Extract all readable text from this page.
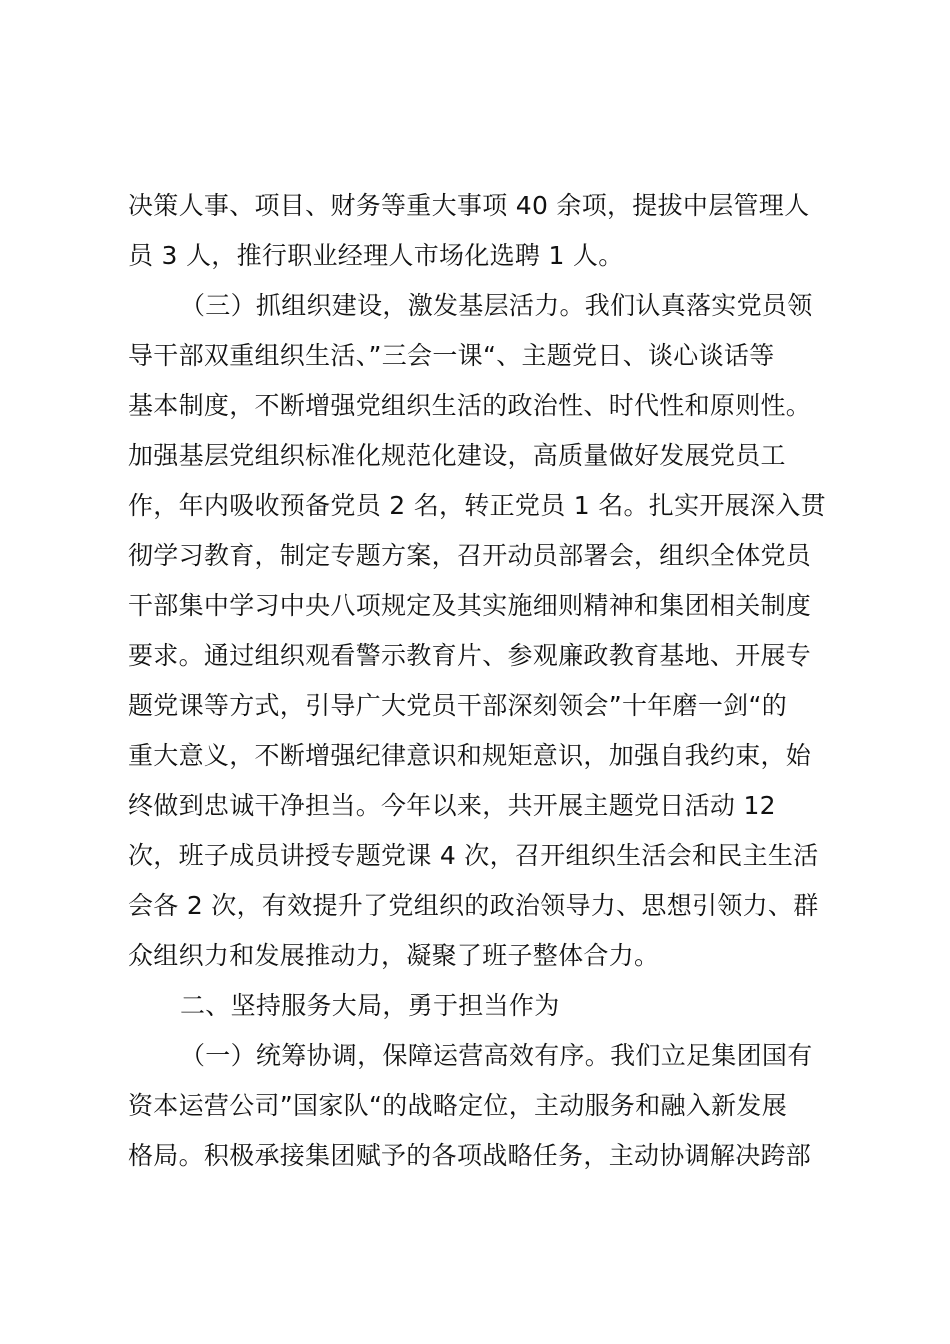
决策人事、项目、财务等重大事项 40 余项，提拔中层管理人
员 3 人，推行职业经理人市场化选聘 1 人。
（三）抓组织建设，激发基层活力。我们认真落实党员领
导干部双重组织生活、”三会一课“、主题党日、谈心谈话等
基本制度，不断增强党组织生活的政治性、时代性和原则性。
加强基层党组织标准化规范化建设，高质量做好发展党员工
作，年内吸收预备党员 2 名，转正党员 1 名。扎实开展深入贯
彻学习教育，制定专题方案，召开动员部署会，组织全体党员
干部集中学习中央八项规定及其实施细则精神和集团相关制度
要求。通过组织观看警示教育片、参观廉政教育基地、开展专
题党课等方式，引导广大党员干部深刻领会”十年磨一剑“的
重大意义，不断增强纪律意识和规矩意识，加强自我约束，始
终做到忠诚干净担当。今年以来，共开展主题党日活动 12
次，班子成员讲授专题党课 4 次，召开组织生活会和民主生活
会各 2 次，有效提升了党组织的政治领导力、思想引领力、群
众组织力和发展推动力，凝聚了班子整体合力。
二、坚持服务大局，勇于担当作为
（一）统筹协调，保障运营高效有序。我们立足集团国有
资本运营公司”国家队“的战略定位，主动服务和融入新发展
格局。积极承接集团赋予的各项战略任务，主动协调解决跨部
